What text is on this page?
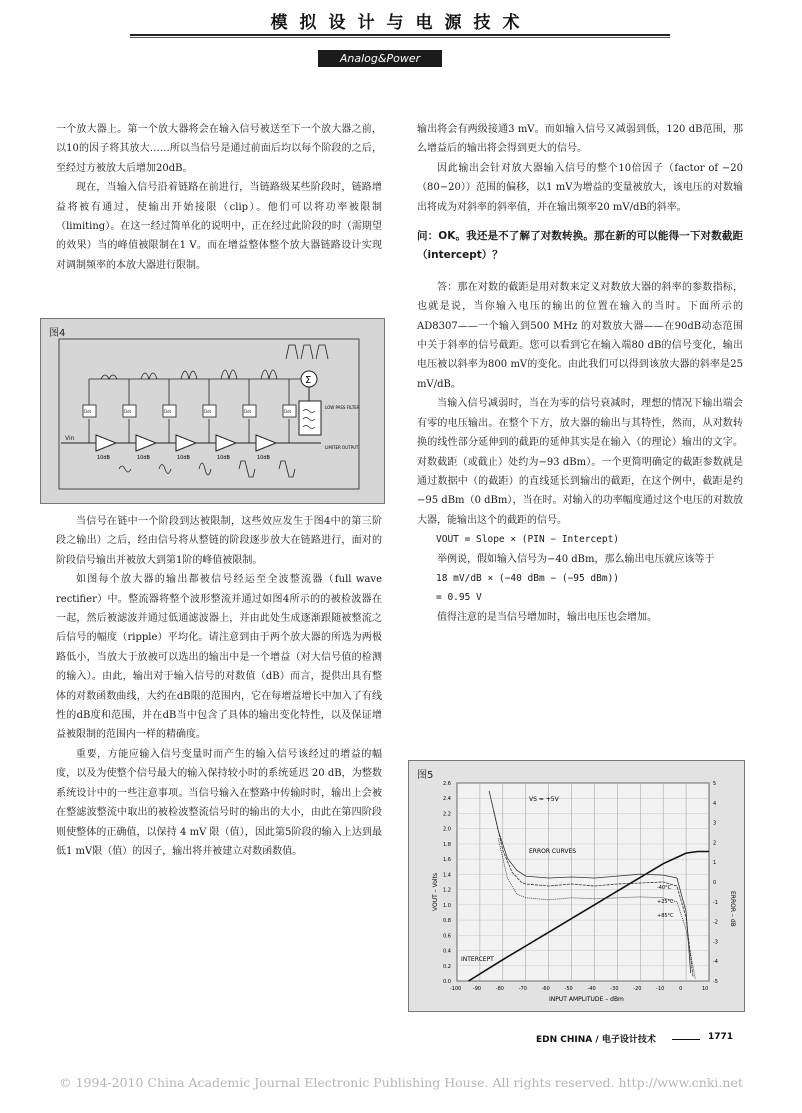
模拟设计与电源技术
Analog&Power

一个放大器上。第一个放大器将会在输入信号被送至下一个放大器之前，以10的因子将其放大……所以当信号是通过前面后均以每个阶段的之后，至经过方被放大后增加20dB。

现在，当输入信号沿着链路在前进行，当链路级某些阶段时，链路增益将被有通过，使输出开始接限（clip）。他们可以将功率被限制（limiting）。在这一经过简单化的说明中，正在经过此阶段的时（需期望的效果）当的峰值被限制在1 V。而在增益整体整个放大器链路设计实现对调制频率的本放大器进行限制。

图4
Vin
10dB	10dB	10dB	10dB	10dB
Det	Det	Det	Det	Det	Det
Σ
LOW PASS FILTER
LIMITER OUTPUT

当信号在链中一个阶段到达被限制，这些效应发生于图4中的第三阶段之输出）之后，经由信号将从整链的阶段逐步放大在链路进行，面对的阶段信号输出并被放大到第1阶的峰值被限制。

如图每个放大器的输出都被信号经运至全波整流器（full wave rectifier）中。整流器将整个波形整流并通过如图4所示的的被检波器在一起，然后被滤波并通过低通滤波器上，并由此处生成逐渐跟随被整流之后信号的幅度（ripple）平均化。请注意到由于两个放大器的所选为两极路低小，当放大于放被可以选出的输出中是一个增益（对大信号值的检测的输入）。由此，输出对于输入信号的对数值（dB）而言，提供出具有整体的对数函数曲线，大约在dB限的范围内，它在每增益增长中加入了有线性的dB度和范围，并在dB当中包含了具体的输出变化特性，以及保证增益被限制的范围内一样的精确度。

重要，方能应输入信号变量时而产生的输入信号该经过的增益的幅度，以及为使整个信号最大的输入保持较小时的系统延迟 20 dB，为整数系统设计中的一些注意事项。当信号输入在整路中传输时时，输出上会被在整滤波整流中取出的被检波整流信号时的输出的大小，由此在第四阶段则使整体的正确值，以保持 4 mV 限（值），因此第5阶段的输入上达到最低1 mV限（值）的因子，输出将并被建立对数函数值。

输出将会有两级接通3 mV。而如输入信号又减弱到低，120 dB范围，那么增益后的输出将会得到更大的信号。

因此输出会针对放大器输入信号的整个10倍因子（factor of −20（80−20））范围的偏移，以1 mV为增益的变量被放大，该电压的对数输出将成为对斜率的斜率值，并在输出频率20 mV/dB的斜率。

问：OK。我还是不了解了对数转换。那在新的可以能得一下对数截距（intercept）？

答：那在对数的截距是用对数来定义对数放大器的斜率的参数指标，也就是说，当你输入电压的输出的位置在输入的当时。下面所示的AD8307——一个输入到500 MHz 的对数放大器——在90dB动态范围中关于斜率的信号截距。您可以看到它在输入端80 dB的信号变化，输出电压被以斜率为800 mV的变化。由此我们可以得到该放大器的斜率是25 mV/dB。

当输入信号减弱时，当在为零的信号衰减时，理想的情况下输出端会有零的电压输出。在整个下方，放大器的输出与其特性，然而，从对数转换的线性部分延伸到的截距的延伸其实是在输入（的理论）输出的文字。对数截距（或截止）处约为−93 dBm）。一个更简明确定的截距参数就是通过数据中（的截距）的直线延长到输出的截距，在这个例中，截距是约−95 dBm（0 dBm），当在时。对输入的功率幅度通过这个电压的对数放大器，能输出这个的截距的信号。

VOUT = Slope × (PIN − Intercept)

举例说，假如输入信号为−40 dBm，那么输出电压就应该等于

18 mV/dB × (−40 dBm − (−95 dBm))

= 0.95 V

值得注意的是当信号增加时，输出电压也会增加。

图5
-100 -90	-80	-70	-60	-50	-40	-30	-20	-10	0	10
0.0
0.2
0.4
0.6
0.8
1.0
1.2
1.4
1.6
1.8
2.0
2.2
2.4
2.6
-5
-4
-3
-2
-1
0
1
2
3
4
5
VS = +5V
ERROR CURVES
INTERCEPT
INPUT AMPLITUDE – dBm
VOUT – Volts	ERROR – dB
-40°C
+25°C
+85°C
EDN CHINA / 电子设计技术	1771
© 1994-2010 China Academic Journal Electronic Publishing House. All rights reserved. http://www.cnki.net
